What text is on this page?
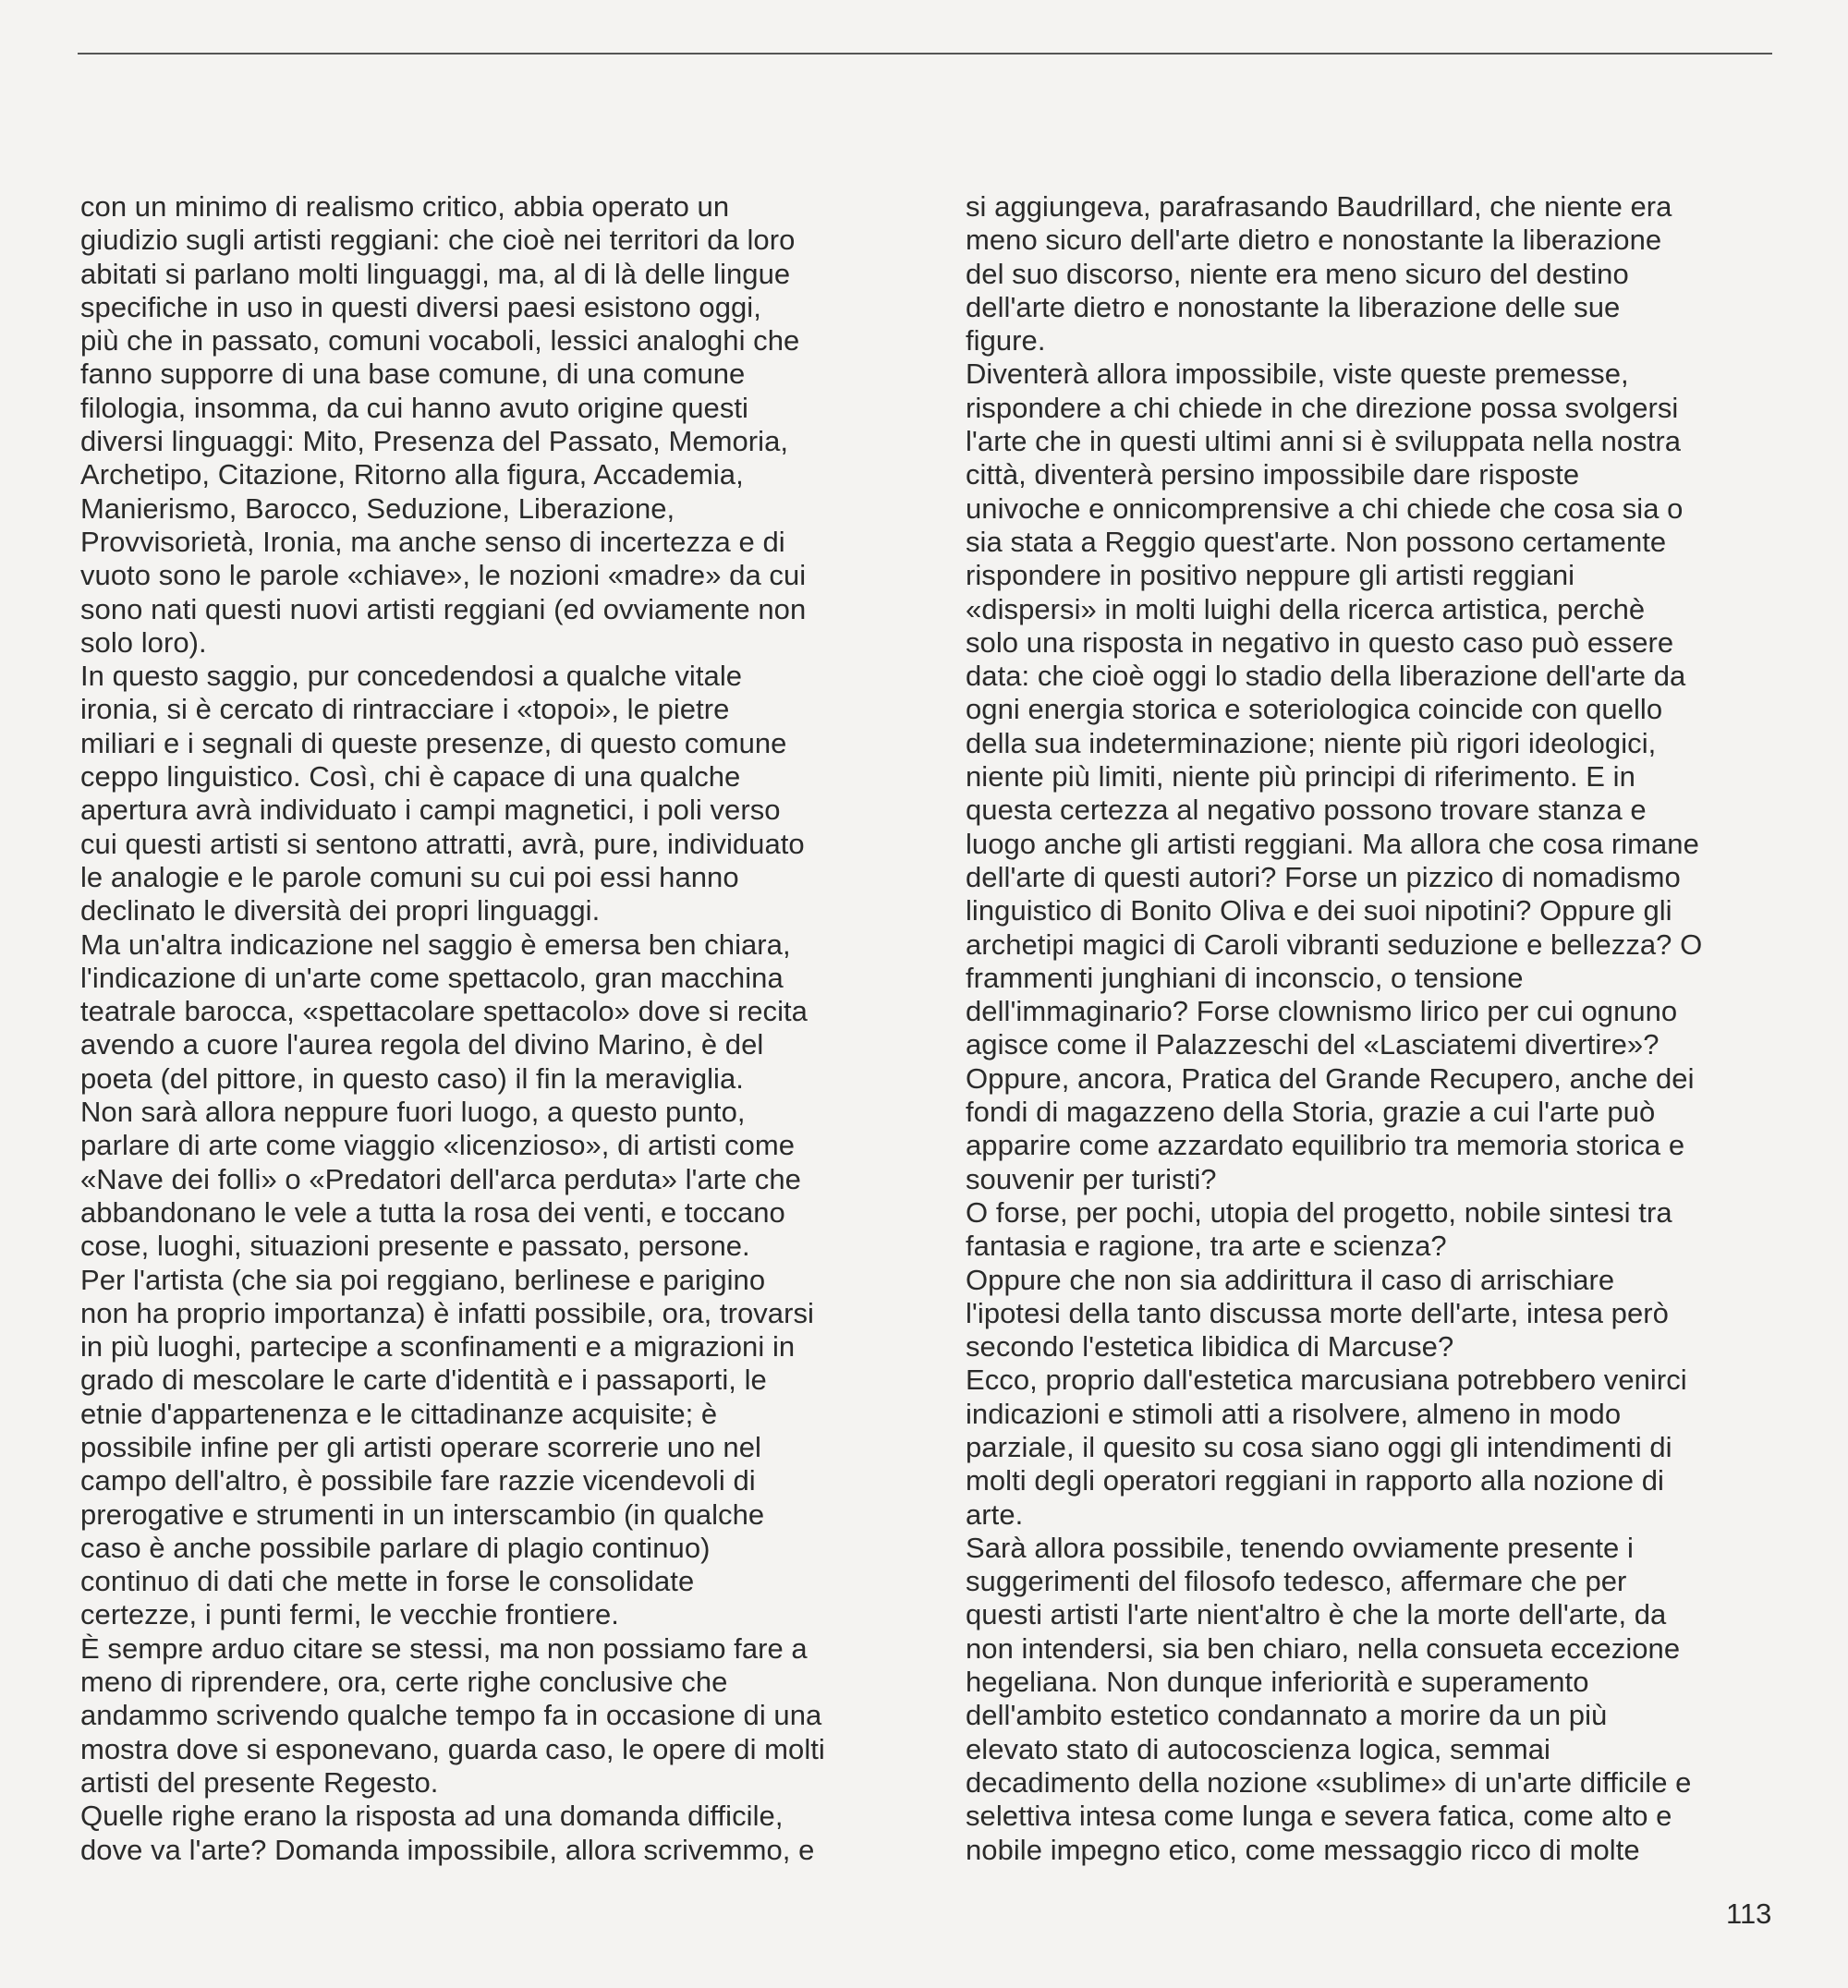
con un minimo di realismo critico, abbia operato un
giudizio sugli artisti reggiani: che cioè nei territori da loro
abitati si parlano molti linguaggi, ma, al di là delle lingue
specifiche in uso in questi diversi paesi esistono oggi,
più che in passato, comuni vocaboli, lessici analoghi che
fanno supporre di una base comune, di una comune
filologia, insomma, da cui hanno avuto origine questi
diversi linguaggi: Mito, Presenza del Passato, Memoria,
Archetipo, Citazione, Ritorno alla figura, Accademia,
Manierismo, Barocco, Seduzione, Liberazione,
Provvisorietà, Ironia, ma anche senso di incertezza e di
vuoto sono le parole «chiave», le nozioni «madre» da cui
sono nati questi nuovi artisti reggiani (ed ovviamente non
solo loro).
In questo saggio, pur concedendosi a qualche vitale
ironia, si è cercato di rintracciare i «topoi», le pietre
miliari e i segnali di queste presenze, di questo comune
ceppo linguistico. Così, chi è capace di una qualche
apertura avrà individuato i campi magnetici, i poli verso
cui questi artisti si sentono attratti, avrà, pure, individuato
le analogie e le parole comuni su cui poi essi hanno
declinato le diversità dei propri linguaggi.
Ma un'altra indicazione nel saggio è emersa ben chiara,
l'indicazione di un'arte come spettacolo, gran macchina
teatrale barocca, «spettacolare spettacolo» dove si recita
avendo a cuore l'aurea regola del divino Marino, è del
poeta (del pittore, in questo caso) il fin la meraviglia.
Non sarà allora neppure fuori luogo, a questo punto,
parlare di arte come viaggio «licenzioso», di artisti come
«Nave dei folli» o «Predatori dell'arca perduta» l'arte che
abbandonano le vele a tutta la rosa dei venti, e toccano
cose, luoghi, situazioni presente e passato, persone.
Per l'artista (che sia poi reggiano, berlinese e parigino
non ha proprio importanza) è infatti possibile, ora, trovarsi
in più luoghi, partecipe a sconfinamenti e a migrazioni in
grado di mescolare le carte d'identità e i passaporti, le
etnie d'appartenenza e le cittadinanze acquisite; è
possibile infine per gli artisti operare scorrerie uno nel
campo dell'altro, è possibile fare razzie vicendevoli di
prerogative e strumenti in un interscambio (in qualche
caso è anche possibile parlare di plagio continuo)
continuo di dati che mette in forse le consolidate
certezze, i punti fermi, le vecchie frontiere.
È sempre arduo citare se stessi, ma non possiamo fare a
meno di riprendere, ora, certe righe conclusive che
andammo scrivendo qualche tempo fa in occasione di una
mostra dove si esponevano, guarda caso, le opere di molti
artisti del presente Regesto.
Quelle righe erano la risposta ad una domanda difficile,
dove va l'arte? Domanda impossibile, allora scrivemmo, e
si aggiungeva, parafrasando Baudrillard, che niente era
meno sicuro dell'arte dietro e nonostante la liberazione
del suo discorso, niente era meno sicuro del destino
dell'arte dietro e nonostante la liberazione delle sue
figure.
Diventerà allora impossibile, viste queste premesse,
rispondere a chi chiede in che direzione possa svolgersi
l'arte che in questi ultimi anni si è sviluppata nella nostra
città, diventerà persino impossibile dare risposte
univoche e onnicomprensive a chi chiede che cosa sia o
sia stata a Reggio quest'arte. Non possono certamente
rispondere in positivo neppure gli artisti reggiani
«dispersi» in molti luighi della ricerca artistica, perchè
solo una risposta in negativo in questo caso può essere
data: che cioè oggi lo stadio della liberazione dell'arte da
ogni energia storica e soteriologica coincide con quello
della sua indeterminazione; niente più rigori ideologici,
niente più limiti, niente più principi di riferimento. E in
questa certezza al negativo possono trovare stanza e
luogo anche gli artisti reggiani. Ma allora che cosa rimane
dell'arte di questi autori? Forse un pizzico di nomadismo
linguistico di Bonito Oliva e dei suoi nipotini? Oppure gli
archetipi magici di Caroli vibranti seduzione e bellezza? O
frammenti junghiani di inconscio, o tensione
dell'immaginario? Forse clownismo lirico per cui ognuno
agisce come il Palazzeschi del «Lasciatemi divertire»?
Oppure, ancora, Pratica del Grande Recupero, anche dei
fondi di magazzeno della Storia, grazie a cui l'arte può
apparire come azzardato equilibrio tra memoria storica e
souvenir per turisti?
O forse, per pochi, utopia del progetto, nobile sintesi tra
fantasia e ragione, tra arte e scienza?
Oppure che non sia addirittura il caso di arrischiare
l'ipotesi della tanto discussa morte dell'arte, intesa però
secondo l'estetica libidica di Marcuse?
Ecco, proprio dall'estetica marcusiana potrebbero venirci
indicazioni e stimoli atti a risolvere, almeno in modo
parziale, il quesito su cosa siano oggi gli intendimenti di
molti degli operatori reggiani in rapporto alla nozione di
arte.
Sarà allora possibile, tenendo ovviamente presente i
suggerimenti del filosofo tedesco, affermare che per
questi artisti l'arte nient'altro è che la morte dell'arte, da
non intendersi, sia ben chiaro, nella consueta eccezione
hegeliana. Non dunque inferiorità e superamento
dell'ambito estetico condannato a morire da un più
elevato stato di autocoscienza logica, semmai
decadimento della nozione «sublime» di un'arte difficile e
selettiva intesa come lunga e severa fatica, come alto e
nobile impegno etico, come messaggio ricco di molte
113
